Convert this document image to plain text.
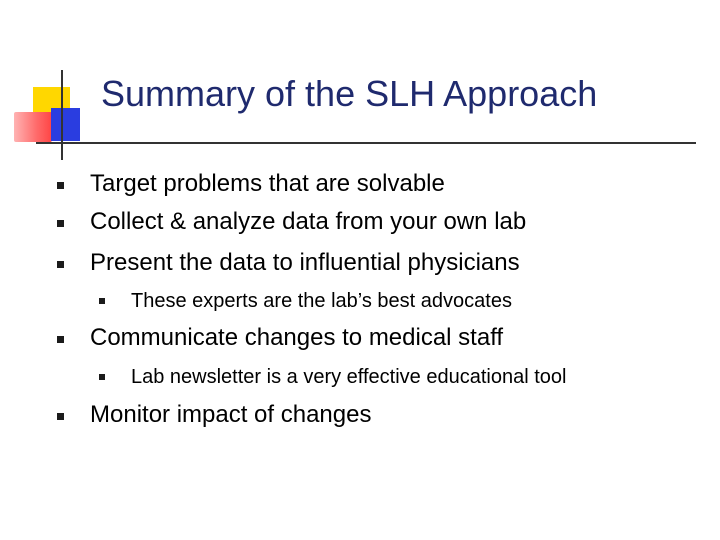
Summary of the SLH Approach
Target problems that are solvable
Collect & analyze data from your own lab
Present the data to influential physicians
These experts are the lab’s best advocates
Communicate changes to medical staff
Lab newsletter is a very effective educational tool
Monitor impact of changes
